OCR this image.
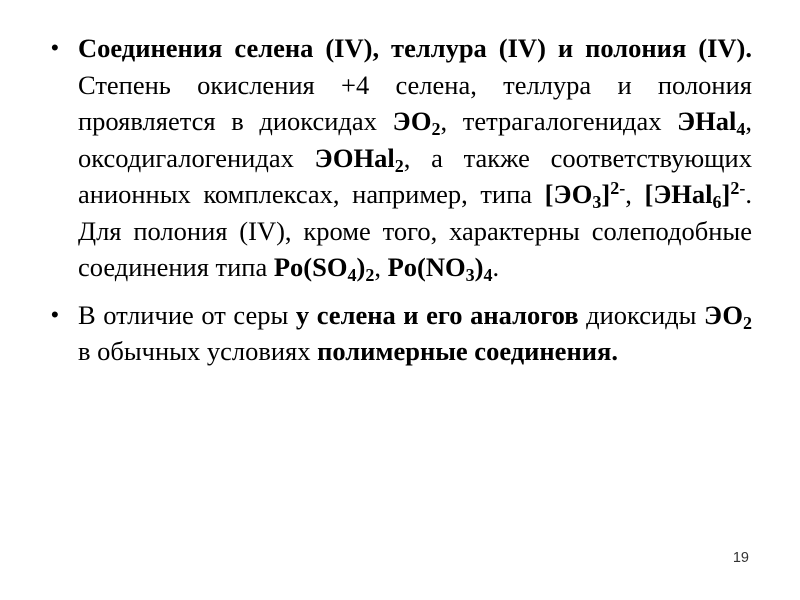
• Соединения селена (IV), теллура (IV) и полония (IV). Степень окисления +4 селена, теллура и полония проявляется в диоксидах $ЭО_2$, тетрагалогенидах ЭHal$_4$, оксодигалогенидах ЭОHal$_2$, а также соответствующих анионных комплексах, например, типа $[ЭО_3]^{2-}$, [ЭHal$_6$]$^{2-}$. Для полония (IV), кроме того, характерны солеподобные соединения типа $Po(SO_4)_2$, $Po(NO_3)_4$.
• В отличие от серы у селена и его аналогов диоксиды $ЭО_2$ в обычных условиях полимерные соединения.
19
